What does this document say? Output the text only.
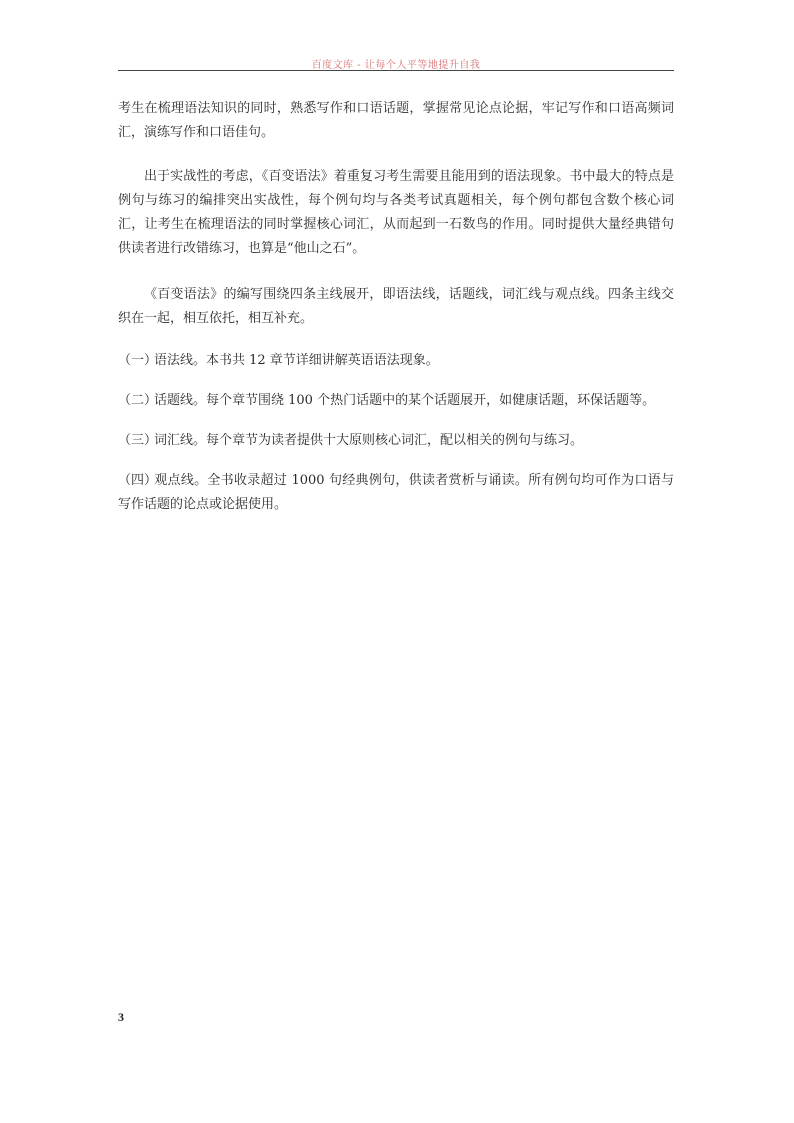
百度文库 - 让每个人平等地提升自我

考生在梳理语法知识的同时，熟悉写作和口语话题，掌握常见论点论据，牢记写作和口语高频词汇，演练写作和口语佳句。

出于实战性的考虑，《百变语法》着重复习考生需要且能用到的语法现象。书中最大的特点是例句与练习的编排突出实战性，每个例句均与各类考试真题相关，每个例句都包含数个核心词汇，让考生在梳理语法的同时掌握核心词汇，从而起到一石数鸟的作用。同时提供大量经典错句供读者进行改错练习，也算是“他山之石”。

《百变语法》的编写围绕四条主线展开，即语法线，话题线，词汇线与观点线。四条主线交织在一起，相互依托，相互补充。

（一）语法线。本书共 12 章节详细讲解英语语法现象。

（二）话题线。每个章节围绕 100 个热门话题中的某个话题展开，如健康话题，环保话题等。

（三）词汇线。每个章节为读者提供十大原则核心词汇，配以相关的例句与练习。

（四）观点线。全书收录超过 1000 句经典例句，供读者赏析与诵读。所有例句均可作为口语与写作话题的论点或论据使用。

3
